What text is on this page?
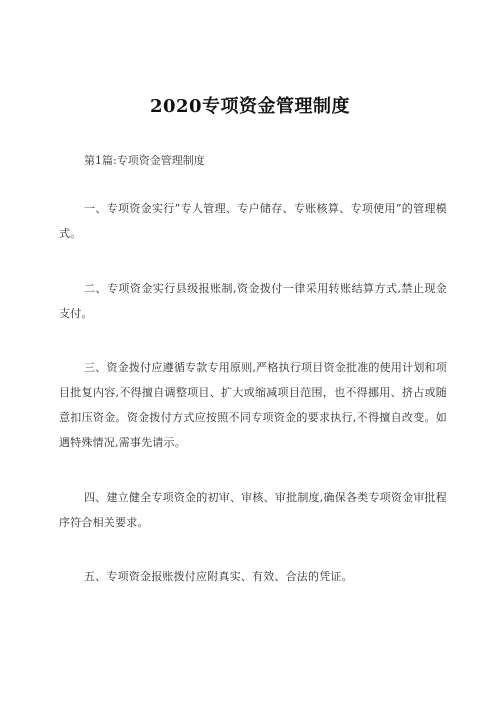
2020专项资金管理制度
第1篇:专项资金管理制度

一、专项资金实行”专人管理、专户储存、专账核算、专项使用”的管理模式。

二、专项资金实行县级报账制,资金拨付一律采用转账结算方式,禁止现金支付。

三、资金拨付应遵循专款专用原则,严格执行项目资金批准的使用计划和项目批复内容,不得擅自调整项目、扩大或缩减项目范围，也不得挪用、挤占或随意扣压资金。资金拨付方式应按照不同专项资金的要求执行,不得擅自改变。如遇特殊情况,需事先请示。

四、建立健全专项资金的初审、审核、审批制度,确保各类专项资金审批程序符合相关要求。

五、专项资金报账拨付应附真实、有效、合法的凭证。
